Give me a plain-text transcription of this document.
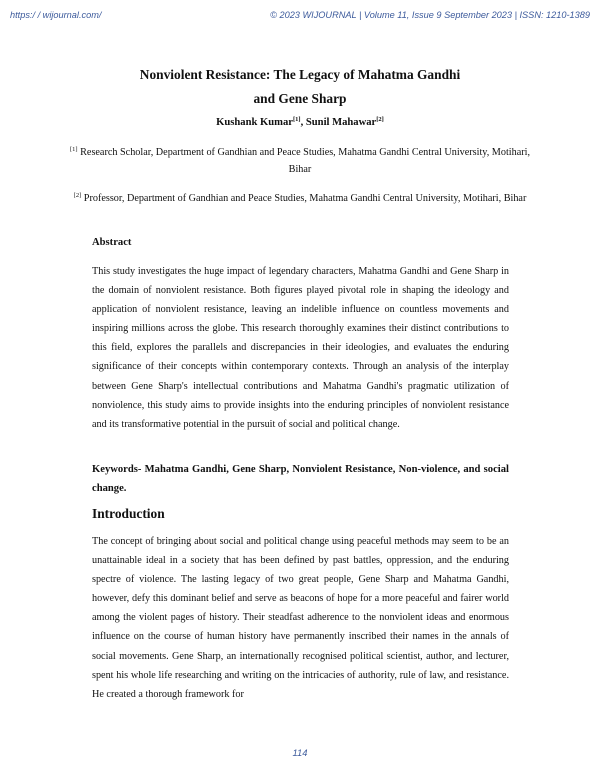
https:/ / wijournal.com/	© 2023 WIJOURNAL | Volume 11, Issue 9 September 2023 | ISSN: 1210-1389
Nonviolent Resistance: The Legacy of Mahatma Gandhi
and Gene Sharp
Kushank Kumar[1], Sunil Mahawar[2]
[1] Research Scholar, Department of Gandhian and Peace Studies, Mahatma Gandhi Central University, Motihari, Bihar
[2] Professor, Department of Gandhian and Peace Studies, Mahatma Gandhi Central University, Motihari, Bihar
Abstract
This study investigates the huge impact of legendary characters, Mahatma Gandhi and Gene Sharp in the domain of nonviolent resistance. Both figures played pivotal role in shaping the ideology and application of nonviolent resistance, leaving an indelible influence on countless movements and inspiring millions across the globe. This research thoroughly examines their distinct contributions to this field, explores the parallels and discrepancies in their ideologies, and evaluates the enduring significance of their concepts within contemporary contexts. Through an analysis of the interplay between Gene Sharp's intellectual contributions and Mahatma Gandhi's pragmatic utilization of nonviolence, this study aims to provide insights into the enduring principles of nonviolent resistance and its transformative potential in the pursuit of social and political change.
Keywords- Mahatma Gandhi, Gene Sharp, Nonviolent Resistance, Non-violence, and social change.
Introduction
The concept of bringing about social and political change using peaceful methods may seem to be an unattainable ideal in a society that has been defined by past battles, oppression, and the enduring spectre of violence. The lasting legacy of two great people, Gene Sharp and Mahatma Gandhi, however, defy this dominant belief and serve as beacons of hope for a more peaceful and fairer world among the violent pages of history. Their steadfast adherence to the nonviolent ideas and enormous influence on the course of human history have permanently inscribed their names in the annals of social movements. Gene Sharp, an internationally recognised political scientist, author, and lecturer, spent his whole life researching and writing on the intricacies of authority, rule of law, and resistance. He created a thorough framework for
114
